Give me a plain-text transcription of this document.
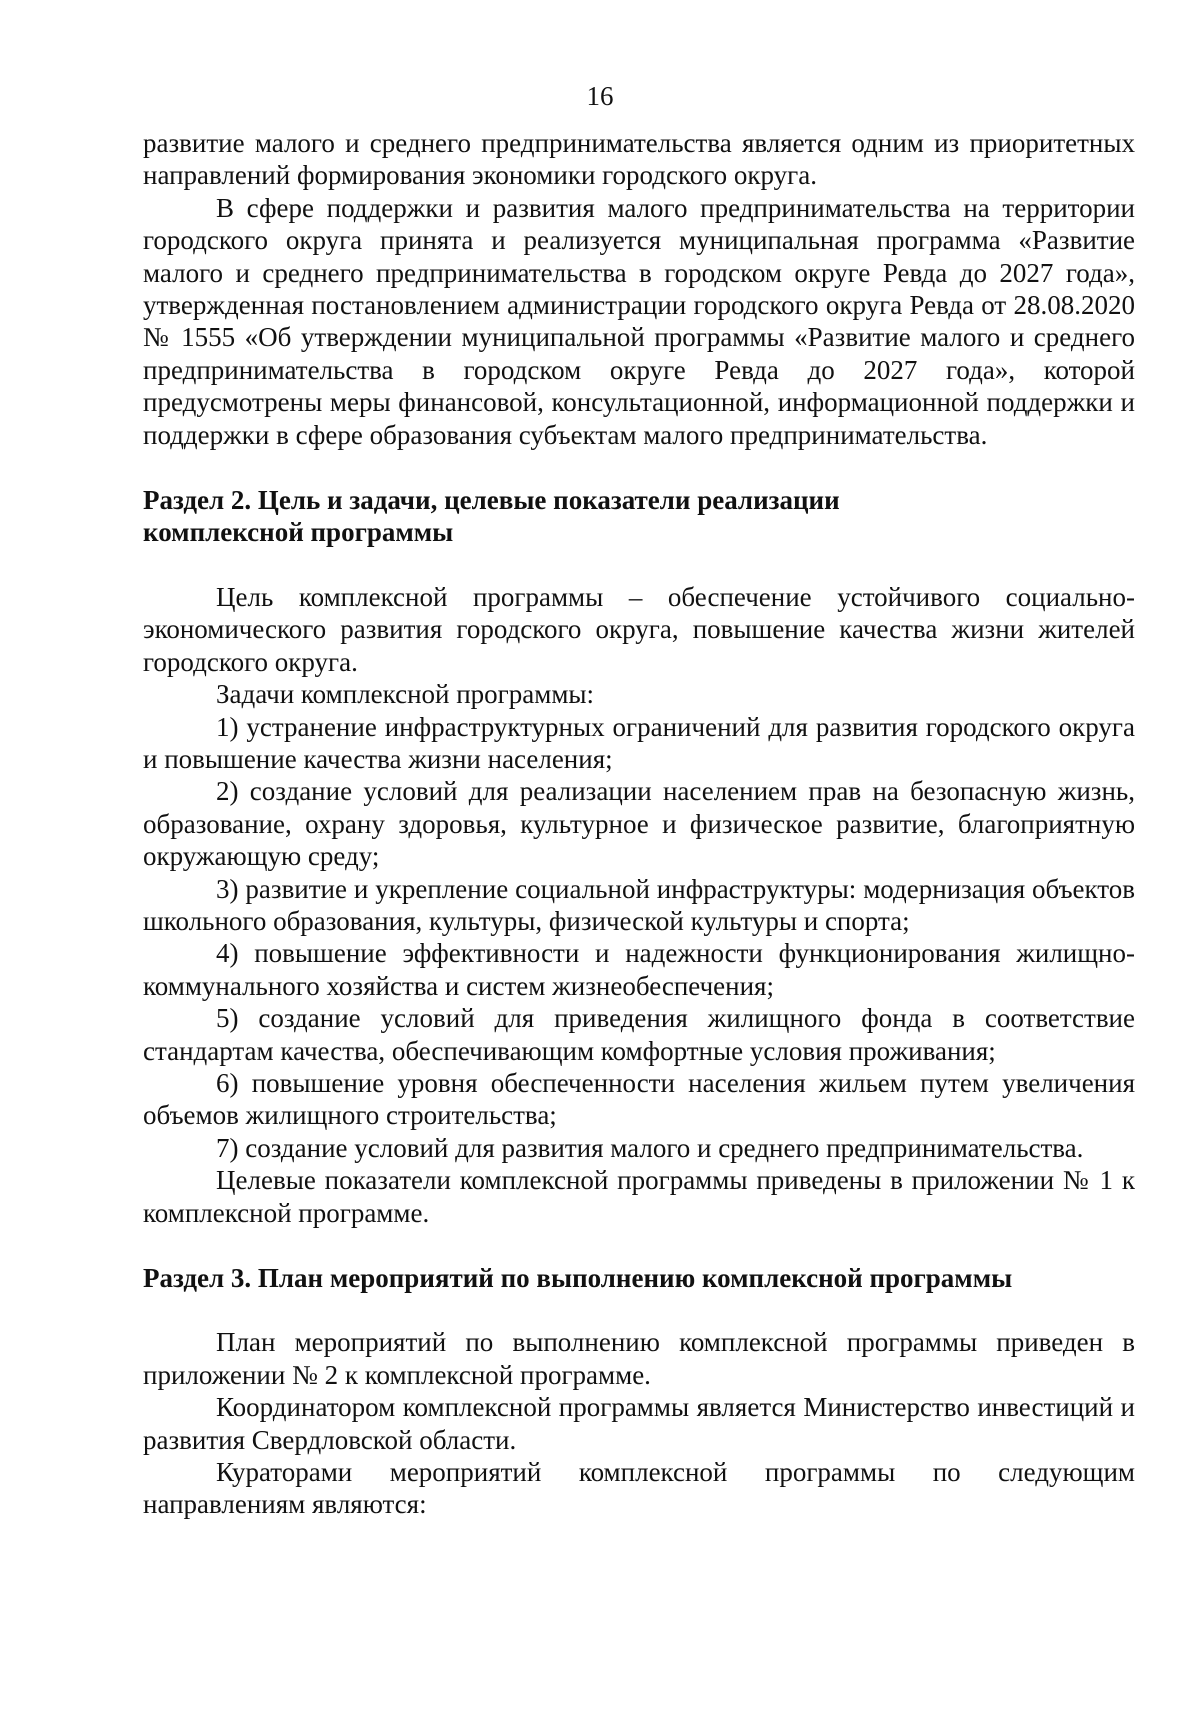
16

развитие малого и среднего предпринимательства является одним из приоритетных направлений формирования экономики городского округа.

В сфере поддержки и развития малого предпринимательства на территории городского округа принята и реализуется муниципальная программа «Развитие малого и среднего предпринимательства в городском округе Ревда до 2027 года», утвержденная постановлением администрации городского округа Ревда от 28.08.2020 № 1555 «Об утверждении муниципальной программы «Развитие малого и среднего предпринимательства в городском округе Ревда до 2027 года», которой предусмотрены меры финансовой, консультационной, информационной поддержки и поддержки в сфере образования субъектам малого предпринимательства.

Раздел 2. Цель и задачи, целевые показатели реализации

комплексной программы

Цель комплексной программы – обеспечение устойчивого социально-экономического развития городского округа, повышение качества жизни жителей городского округа.

Задачи комплексной программы:

1) устранение инфраструктурных ограничений для развития городского округа и повышение качества жизни населения;

2) создание условий для реализации населением прав на безопасную жизнь, образование, охрану здоровья, культурное и физическое развитие, благоприятную окружающую среду;

3) развитие и укрепление социальной инфраструктуры: модернизация объектов школьного образования, культуры, физической культуры и спорта;

4) повышение эффективности и надежности функционирования жилищно-коммунального хозяйства и систем жизнеобеспечения;

5) создание условий для приведения жилищного фонда в соответствие стандартам качества, обеспечивающим комфортные условия проживания;

6) повышение уровня обеспеченности населения жильем путем увеличения объемов жилищного строительства;

7) создание условий для развития малого и среднего предпринимательства.

Целевые показатели комплексной программы приведены в приложении № 1 к комплексной программе.

Раздел 3. План мероприятий по выполнению комплексной программы

План мероприятий по выполнению комплексной программы приведен в приложении № 2 к комплексной программе.

Координатором комплексной программы является Министерство инвестиций и развития Свердловской области.

Кураторами мероприятий комплексной программы по следующим направлениям являются:
